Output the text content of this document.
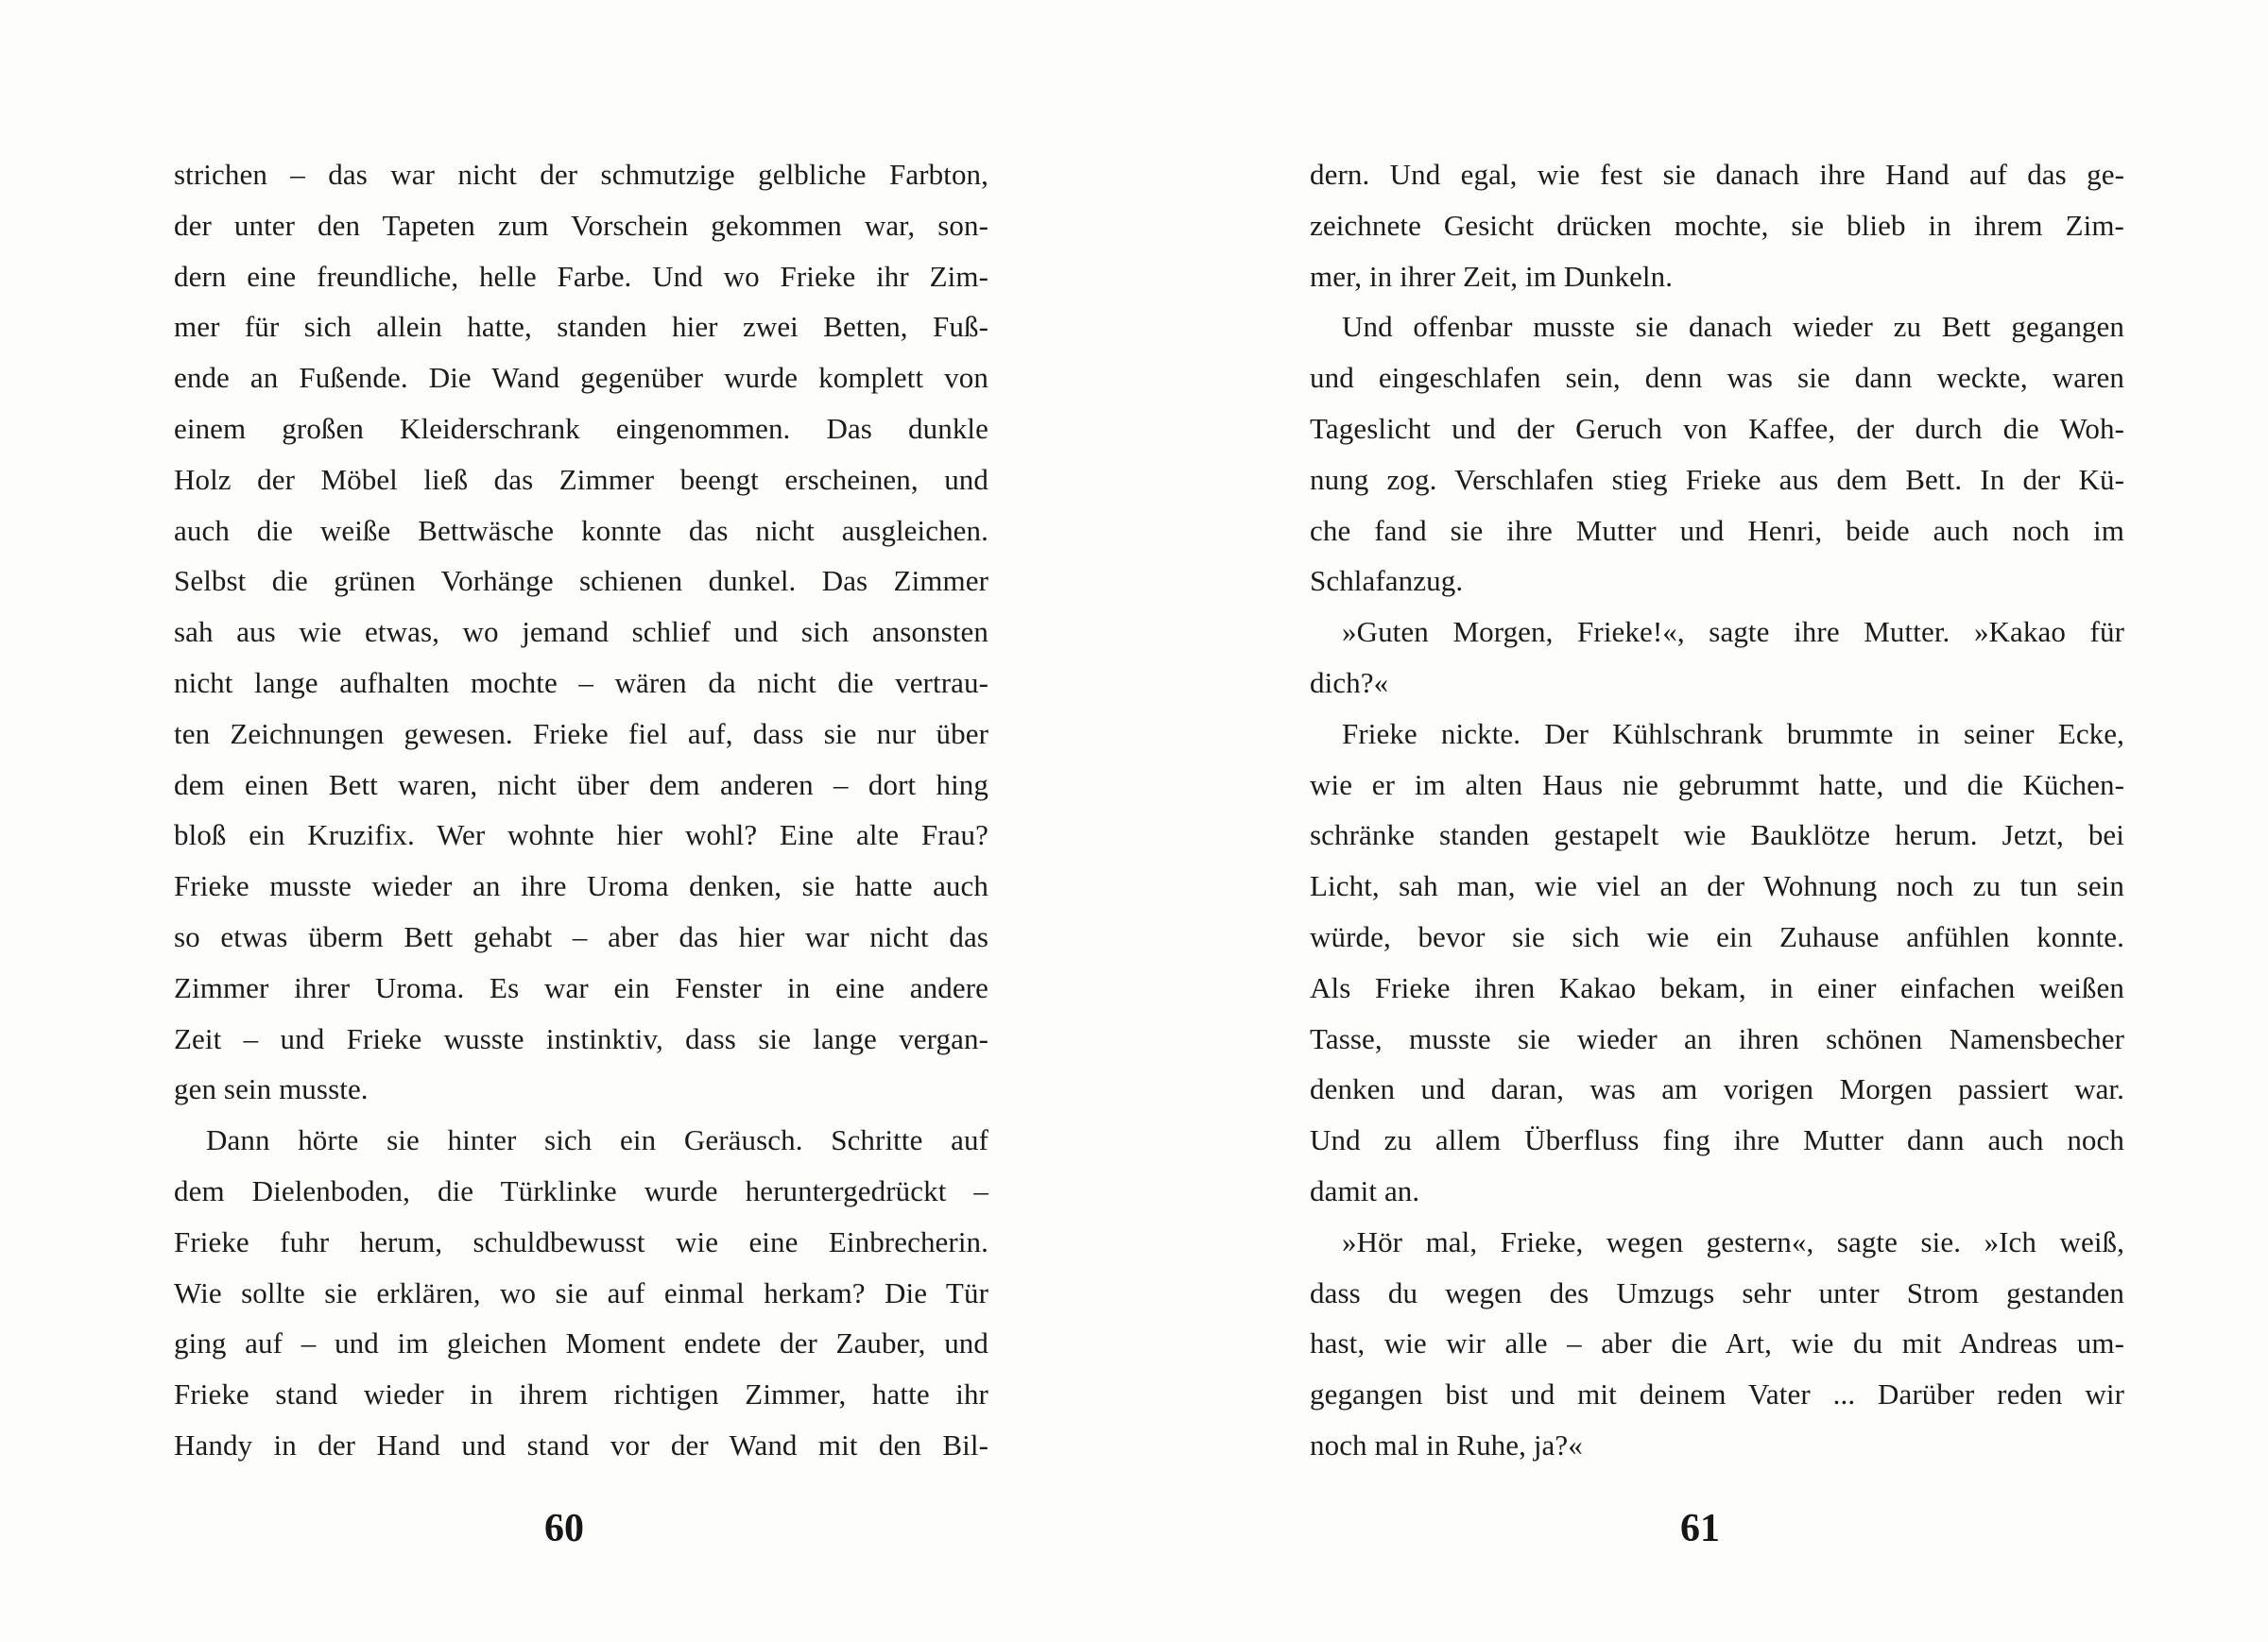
strichen – das war nicht der schmutzige gelbliche Farbton,
der unter den Tapeten zum Vorschein gekommen war, son-
dern eine freundliche, helle Farbe. Und wo Frieke ihr Zim-
mer für sich allein hatte, standen hier zwei Betten, Fuß-
ende an Fußende. Die Wand gegenüber wurde komplett von
einem großen Kleiderschrank eingenommen. Das dunkle
Holz der Möbel ließ das Zimmer beengt erscheinen, und
auch die weiße Bettwäsche konnte das nicht ausgleichen.
Selbst die grünen Vorhänge schienen dunkel. Das Zimmer
sah aus wie etwas, wo jemand schlief und sich ansonsten
nicht lange aufhalten mochte – wären da nicht die vertrau-
ten Zeichnungen gewesen. Frieke fiel auf, dass sie nur über
dem einen Bett waren, nicht über dem anderen – dort hing
bloß ein Kruzifix. Wer wohnte hier wohl? Eine alte Frau?
Frieke musste wieder an ihre Uroma denken, sie hatte auch
so etwas überm Bett gehabt – aber das hier war nicht das
Zimmer ihrer Uroma. Es war ein Fenster in eine andere
Zeit – und Frieke wusste instinktiv, dass sie lange vergan-
gen sein musste.
Dann hörte sie hinter sich ein Geräusch. Schritte auf
dem Dielenboden, die Türklinke wurde heruntergedrückt –
Frieke fuhr herum, schuldbewusst wie eine Einbrecherin.
Wie sollte sie erklären, wo sie auf einmal herkam? Die Tür
ging auf – und im gleichen Moment endete der Zauber, und
Frieke stand wieder in ihrem richtigen Zimmer, hatte ihr
Handy in der Hand und stand vor der Wand mit den Bil-
dern. Und egal, wie fest sie danach ihre Hand auf das ge-
zeichnete Gesicht drücken mochte, sie blieb in ihrem Zim-
mer, in ihrer Zeit, im Dunkeln.
Und offenbar musste sie danach wieder zu Bett gegangen
und eingeschlafen sein, denn was sie dann weckte, waren
Tageslicht und der Geruch von Kaffee, der durch die Woh-
nung zog. Verschlafen stieg Frieke aus dem Bett. In der Kü-
che fand sie ihre Mutter und Henri, beide auch noch im
Schlafanzug.
»Guten Morgen, Frieke!«, sagte ihre Mutter. »Kakao für
dich?«
Frieke nickte. Der Kühlschrank brummte in seiner Ecke,
wie er im alten Haus nie gebrummt hatte, und die Küchen-
schränke standen gestapelt wie Bauklötze herum. Jetzt, bei
Licht, sah man, wie viel an der Wohnung noch zu tun sein
würde, bevor sie sich wie ein Zuhause anfühlen konnte.
Als Frieke ihren Kakao bekam, in einer einfachen weißen
Tasse, musste sie wieder an ihren schönen Namensbecher
denken und daran, was am vorigen Morgen passiert war.
Und zu allem Überfluss fing ihre Mutter dann auch noch
damit an.
»Hör mal, Frieke, wegen gestern«, sagte sie. »Ich weiß,
dass du wegen des Umzugs sehr unter Strom gestanden
hast, wie wir alle – aber die Art, wie du mit Andreas um-
gegangen bist und mit deinem Vater ... Darüber reden wir
noch mal in Ruhe, ja?«
60	61
